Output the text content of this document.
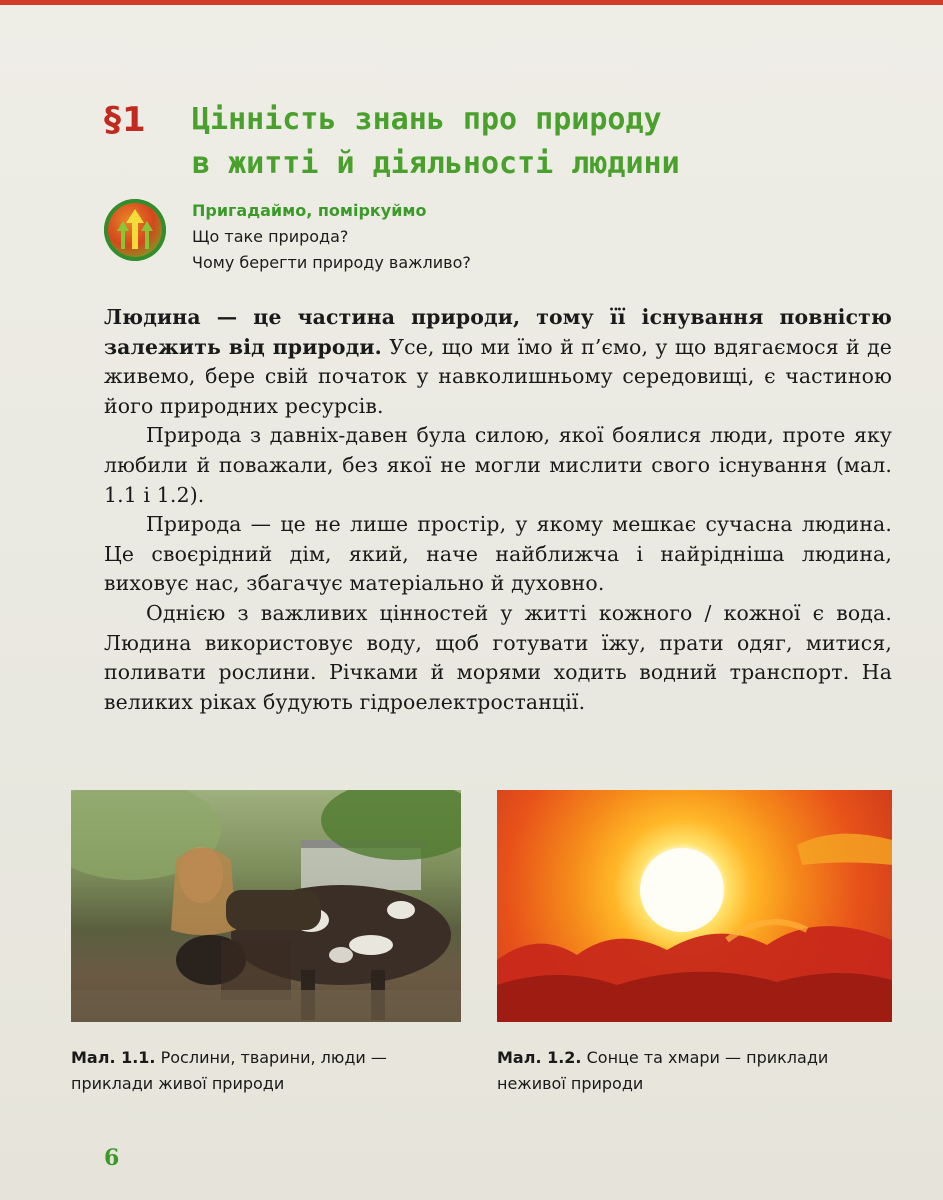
§1 Цінність знань про природу
в житті й діяльності людини
Пригадаймо, поміркуймо
Що таке природа?
Чому берегти природу важливо?

Людина — це частина природи, тому її існування повністю залежить від природи. Усе, що ми їмо й п’ємо, у що вдягаємося й де живемо, бере свій початок у навколишньому середовищі, є частиною його природних ресурсів.

Природа з давніх-давен була силою, якої боялися люди, проте яку любили й поважали, без якої не могли мислити свого існування (мал. 1.1 і 1.2).

Природа — це не лише простір, у якому мешкає сучасна людина. Це своєрідний дім, який, наче найближча і найрідніша людина, виховує нас, збагачує матеріально й духовно.

Однією з важливих цінностей у житті кожного / кожної є вода. Людина використовує воду, щоб готувати їжу, прати одяг, митися, поливати рослини. Річками й морями ходить водний транспорт. На великих ріках будують гідроелектростанції.

Мал. 1.1. Рослини, тварини, люди — приклади живої природи
Мал. 1.2. Сонце та хмари — приклади неживої природи
6
